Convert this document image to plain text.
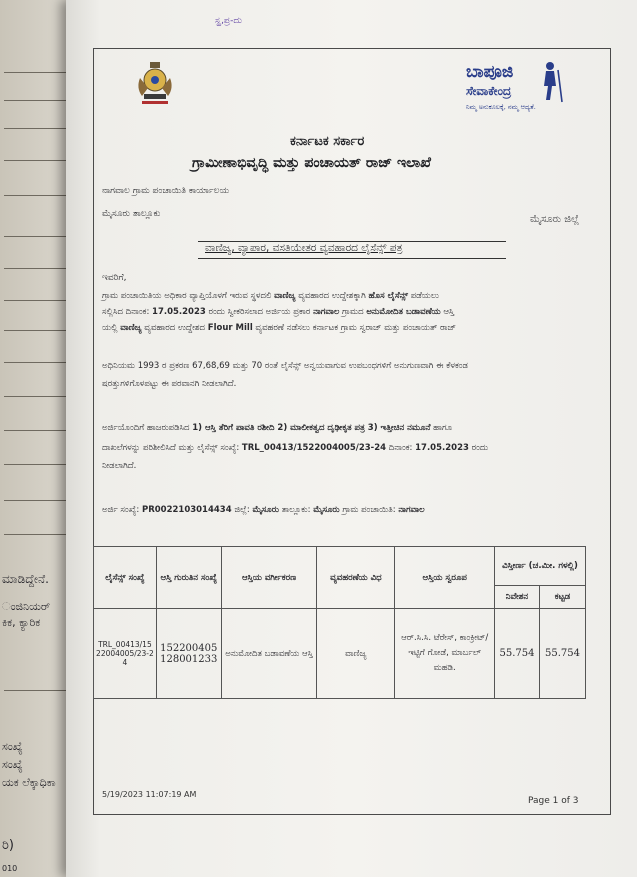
ಮಾಡಿದ್ದೇನೆ.
ಂಜಿನಿಯರ್
ಕಿಕ, ಕ್ಯಾರಿಕ
ಸಂಖ್ಯೆ
ಸಂಖ್ಯೆ
ಯಕ ಲೆಕ್ಕಾಧಿಕಾ
ರಿ)
010
ಸ್ಹ,ಪ್ರ-ದು
ಬಾಪೂಜಿ
ಸೇವಾಕೇಂದ್ರ
ನಿಮ್ಮ ಅನುಕೂಲಕ್ಕೆ, ನಮ್ಮ ಆದ್ಯತೆ.
ಕರ್ನಾಟಕ ಸರ್ಕಾರ
ಗ್ರಾಮೀಣಾಭಿವೃದ್ಧಿ ಮತ್ತು ಪಂಚಾಯತ್ ರಾಜ್ ಇಲಾಖೆ
ನಾಗವಾಲ ಗ್ರಾಮ ಪಂಚಾಯಿತಿ ಕಾರ್ಯಾಲಯ
ಮೈಸೂರು ತಾಲ್ಲೂಕು	ಮೈಸೂರು ಜಿಲ್ಲೆ
ವಾಣಿಜ್ಯ, ವ್ಯಾಪಾರ, ವಸತಿಯೇತರ ವ್ಯವಹಾರದ ಲೈಸೆನ್ಸ್ ಪತ್ರ
ಇವರಿಗೆ,
ಗ್ರಾಮ ಪಂಚಾಯಿತಿಯ ಅಧಿಕಾರ ವ್ಯಾಪ್ತಿಯೊಳಗೆ ಇರುವ ಸ್ಥಳದಲಿ ವಾಣಿಜ್ಯ ವ್ಯವಹಾರದ ಉದ್ದೇಶಕ್ಕಾಗಿ ಹೊಸ ಲೈಸೆನ್ಸ್ ಪಡೆಯಲು
ಸಲ್ಲಿಸಿದ ದಿನಾಂಕ: 17.05.2023 ರಂದು ಸ್ವೀಕರಿಸಲಾದ ಅರ್ಜಿಯ ಪ್ರಕಾರ ನಾಗವಾಲ ಗ್ರಾಮದ ಅನುಮೋದಿತ ಬಡಾವಣೆಯ ಆಸ್ತಿ
ಯಲ್ಲಿ ವಾಣಿಜ್ಯ ವ್ಯವಹಾರದ ಉದ್ದೇಶದ Flour Mill ವ್ಯವಹರಣೆ ನಡೆಸಲು ಕರ್ನಾಟಕ ಗ್ರಾಮ ಸ್ವರಾಜ್ ಮತ್ತು ಪಂಚಾಯತ್ ರಾಜ್
ಅಧಿನಿಯಮ 1993 ರ ಪ್ರಕರಣ 67,68,69 ಮತ್ತು 70 ರಂತೆ ಲೈಸೆನ್ಸ್ ಅನ್ವಯವಾಗುವ ಉಪಬಂಧಗಳಿಗೆ ಅನುಗುಣವಾಗಿ ಈ ಕೆಳಕಂಡ
ಷರತ್ತುಗಳಿಗೊಳಪಟ್ಟು ಈ ಪರವಾನಗಿ ನೀಡಲಾಗಿದೆ.
ಅರ್ಜಿಯೊಂದಿಗೆ ಹಾಜರುಪಡಿಸಿದ 1) ಆಸ್ತಿ ತೆರಿಗೆ ಪಾವತಿ ರಶೀದಿ 2) ಮಾಲೀಕತ್ವದ ದೃಢೀಕೃತ ಪತ್ರ 3) ಇತ್ತೀಚಿನ ನಮೂನೆ ಹಾಗೂ
ದಾಖಲೆಗಳನ್ನು ಪರಿಶೀಲಿಸಿದೆ ಮತ್ತು ಲೈಸೆನ್ಸ್ ಸಂಖ್ಯೆ: TRL_00413/1522004005/23-24 ದಿನಾಂಕ: 17.05.2023 ರಂದು
ನೀಡಲಾಗಿದೆ.
ಅರ್ಜಿ ಸಂಖ್ಯೆ: PR0022103014434 ಜಿಲ್ಲೆ: ಮೈಸೂರು ತಾಲ್ಲೂಕು: ಮೈಸೂರು ಗ್ರಾಮ ಪಂಚಾಯಿತಿ: ನಾಗವಾಲ
ಲೈಸೆನ್ಸ್ ಸಂಖ್ಯೆ	ಆಸ್ತಿ ಗುರುತಿನ ಸಂಖ್ಯೆ	ಆಸ್ತಿಯ ವರ್ಗೀಕರಣ	ವ್ಯವಹರಣೆಯ ವಿಧ	ಆಸ್ತಿಯ ಸ್ವರೂಪ	ವಿಸ್ತೀರ್ಣ (ಚ.ಮೀ. ಗಳಲ್ಲಿ)	
					ನಿವೇಶನ	ಕಟ್ಟಡ
TRL_00413/1522004005/23-24	152200405128001233	ಅನುಮೋದಿತ ಬಡಾವಣೆಯ ಆಸ್ತಿ	ವಾಣಿಜ್ಯ	ಆರ್.ಸಿ.ಸಿ. ಟೆರೇಸ್, ಕಾಂಕ್ರೀಟ್/ಇಟ್ಟಿಗೆ ಗೋಡೆ, ಮಾರ್ಬಲ್ ಮಹಡಿ.	55.754	55.754
5/19/2023 11:07:19 AM
Page 1 of 3
